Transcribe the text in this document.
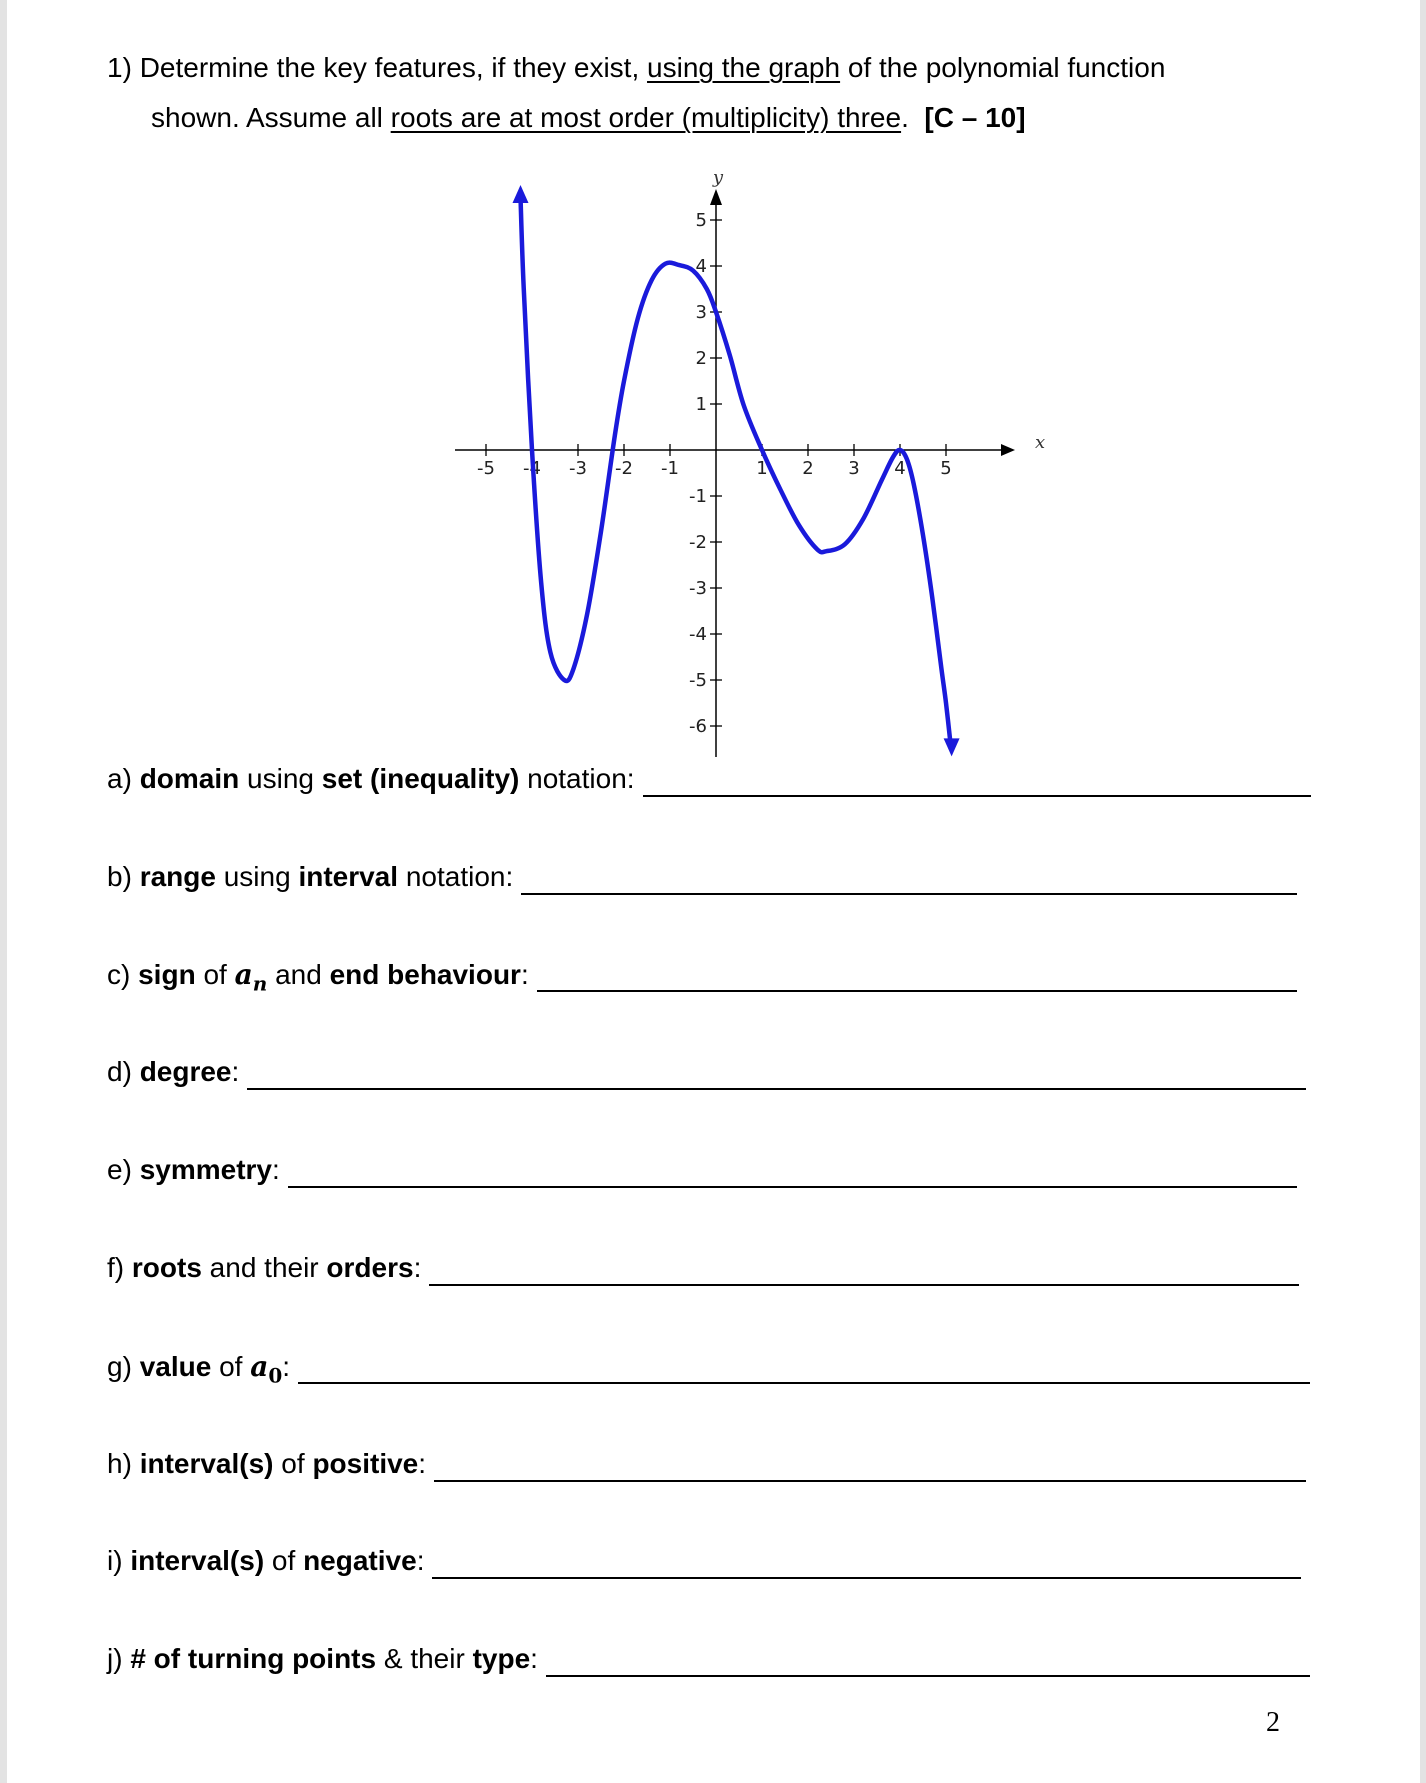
1) Determine the key features, if they exist, using the graph of the polynomial function
shown. Assume all roots are at most order (multiplicity) three. [C – 10]
-5 -4 -3 -2 -1	1 2 3 4 5
5
4
3
2
1
-1
-2
-3
-4
-5
-6
x
y
a) domain using set (inequality) notation:
b) range using interval notation:
c) sign of $a_n$ and end behaviour:
d) degree:
e) symmetry:
f) roots and their orders:
g) value of $a_0$:
h) interval(s) of positive:
i) interval(s) of negative:
j) # of turning points & their type:
2
